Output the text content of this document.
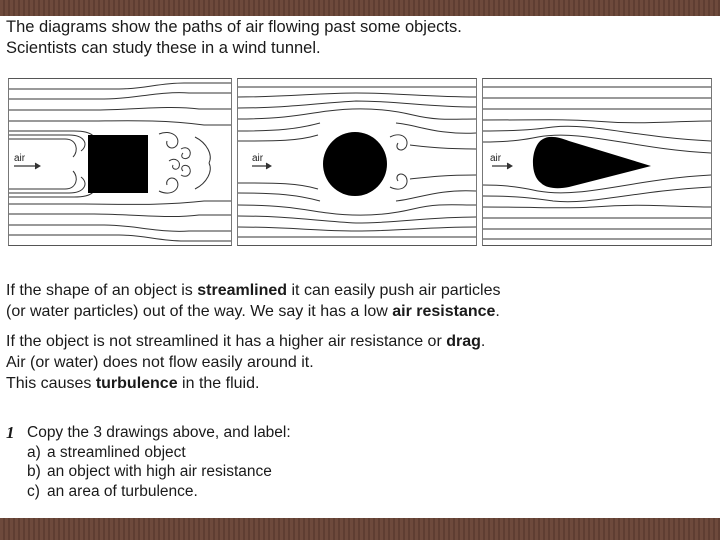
The diagrams show the paths of air flowing past some objects.
Scientists can study these in a wind tunnel.
air	air	air
If the shape of an object is streamlined it can easily push air particles
(or water particles) out of the way. We say it has a low air resistance.
If the object is not streamlined it has a higher air resistance or drag.
Air (or water) does not flow easily around it.
This causes turbulence in the fluid.
1 Copy the 3 drawings above, and label:
a) a streamlined object
b) an object with high air resistance
c) an area of turbulence.
